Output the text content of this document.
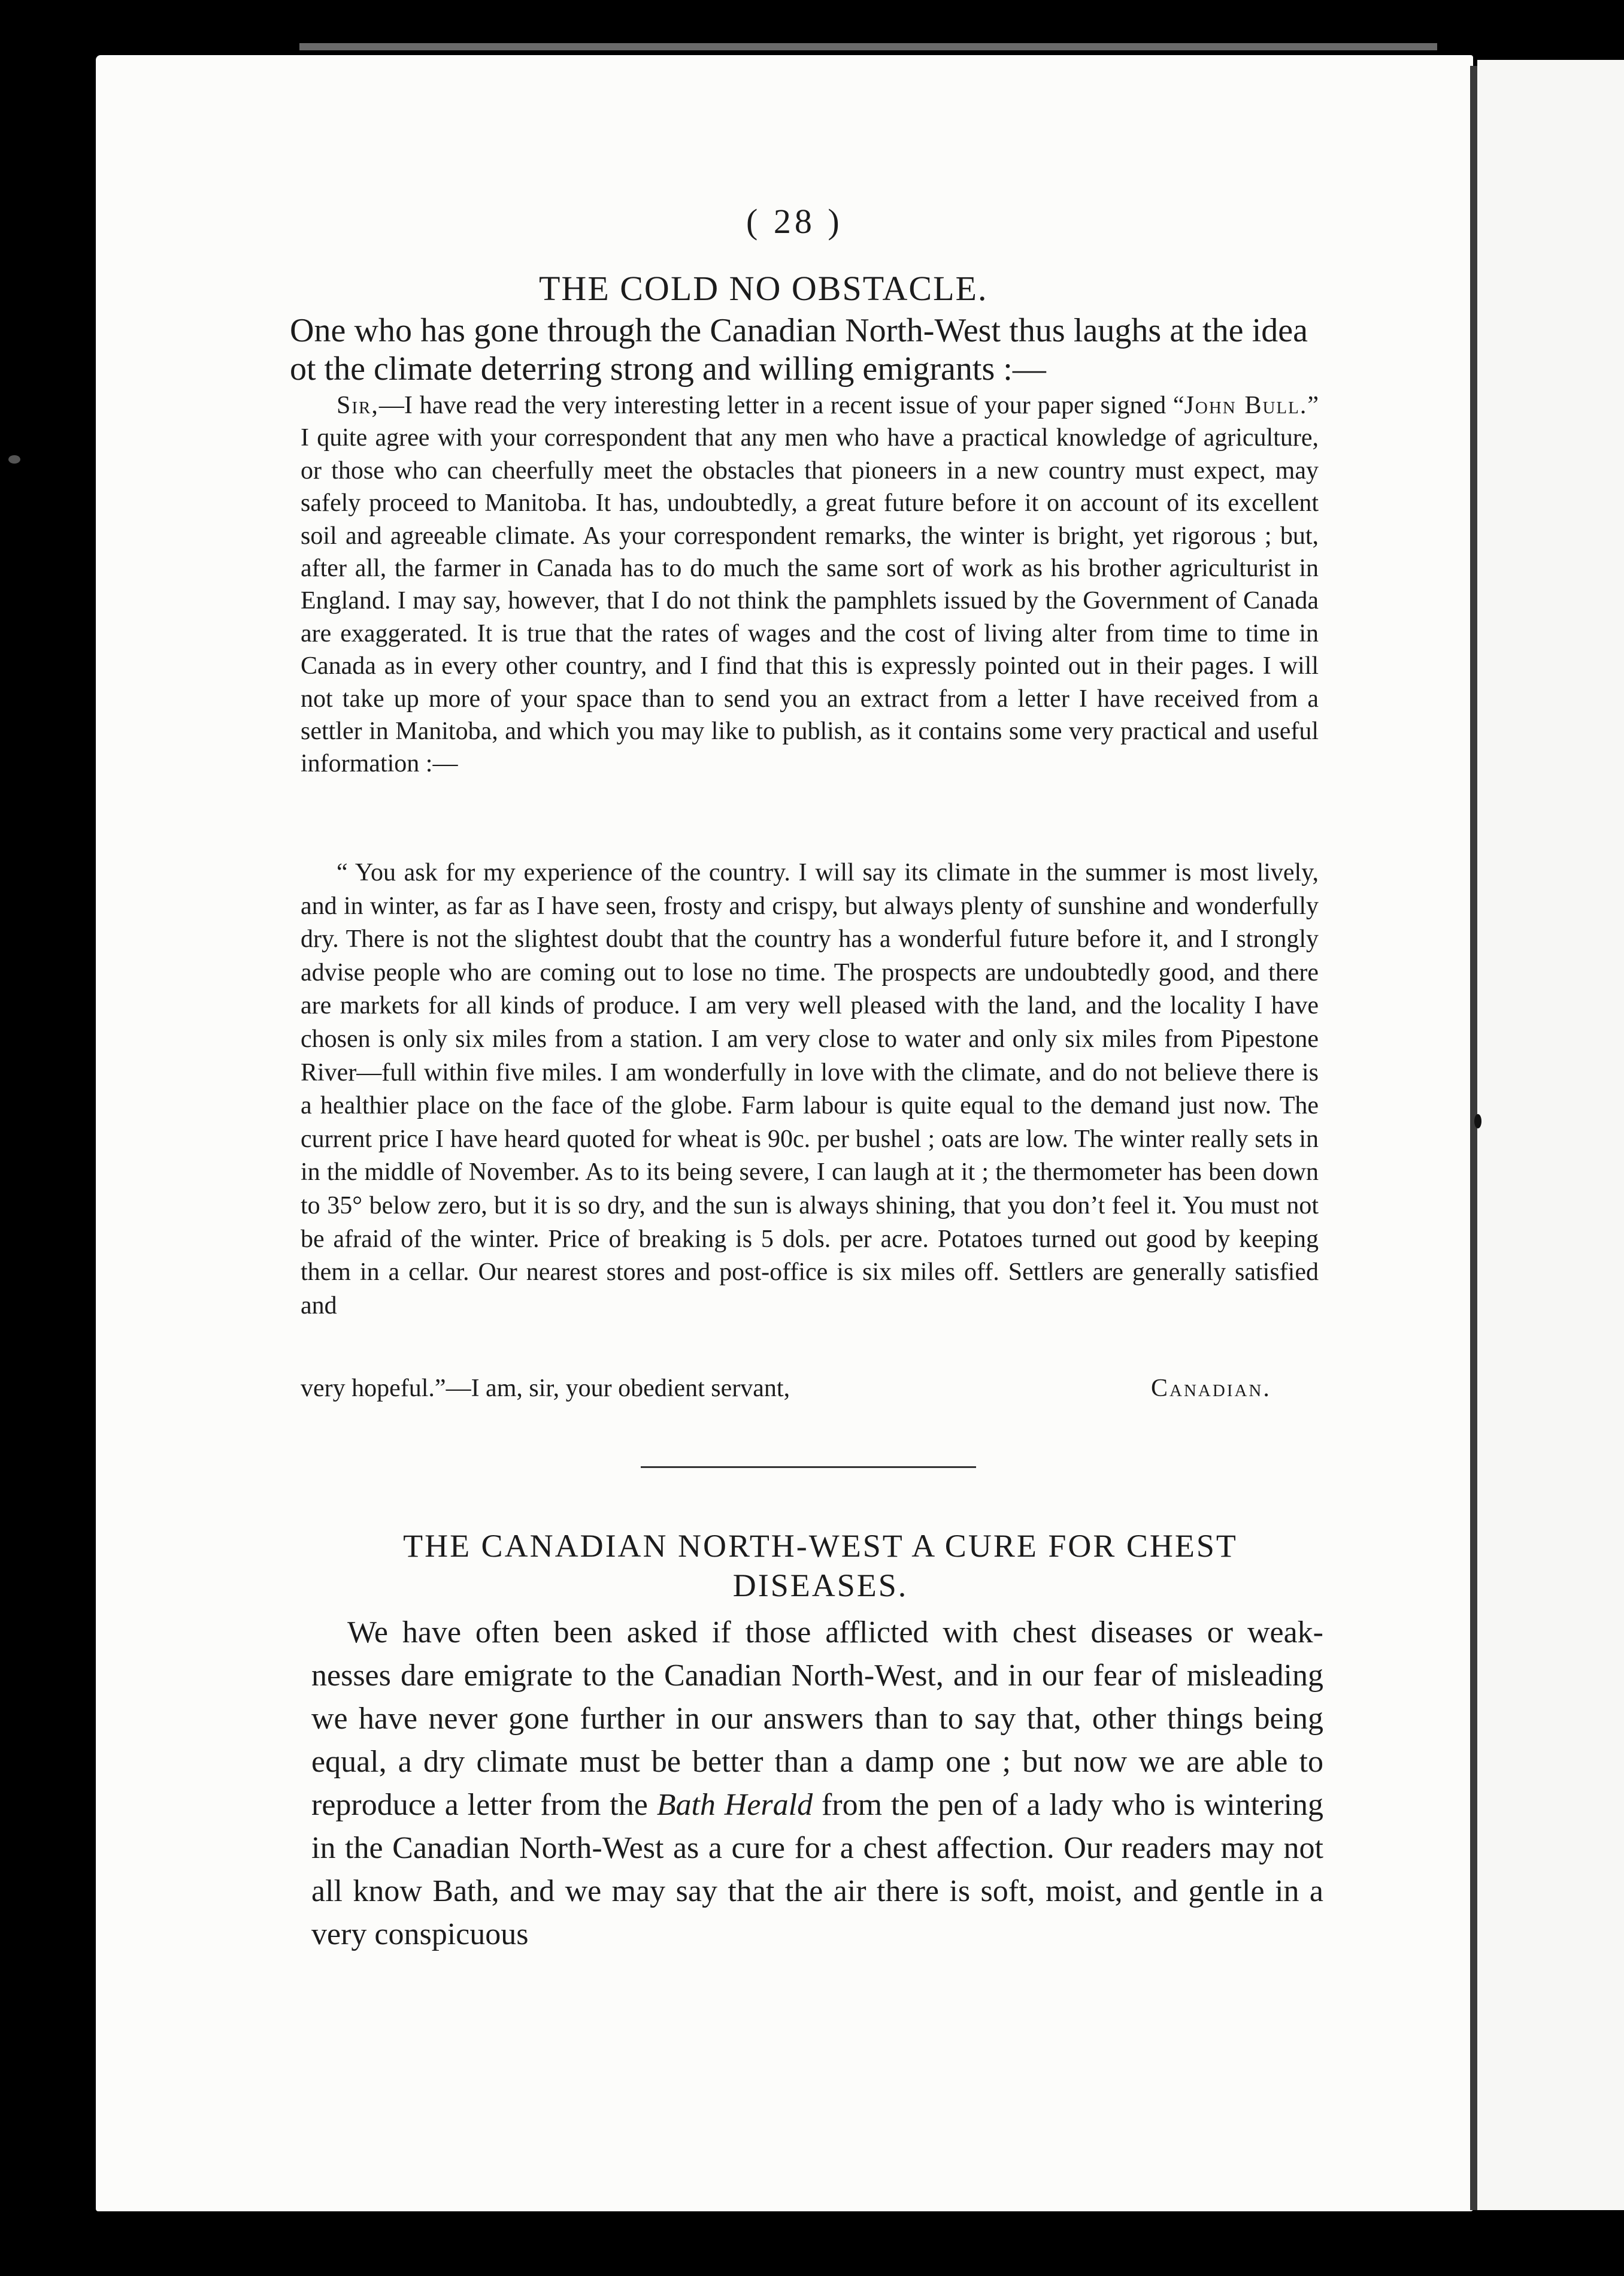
( 28 )
THE COLD NO OBSTACLE.
One who has gone through the Canadian North-West thus laughs at the idea ot the climate deterring strong and willing emigrants :—
Sir,—I have read the very interesting letter in a recent issue of your paper signed “John Bull.” I quite agree with your correspondent that any men who have a practical knowledge of agriculture, or those who can cheerfully meet the obstacles that pioneers in a new country must expect, may safely proceed to Manitoba. It has, undoubtedly, a great future before it on account of its excellent soil and agreeable climate. As your correspondent remarks, the winter is bright, yet rigorous ; but, after all, the farmer in Canada has to do much the same sort of work as his brother agriculturist in England. I may say, however, that I do not think the pamphlets issued by the Government of Canada are exaggerated. It is true that the rates of wages and the cost of living alter from time to time in Canada as in every other country, and I find that this is expressly pointed out in their pages. I will not take up more of your space than to send you an extract from a letter I have received from a settler in Manitoba, and which you may like to publish, as it contains some very practical and useful information :—
“ You ask for my experience of the country. I will say its climate in the summer is most lively, and in winter, as far as I have seen, frosty and crispy, but always plenty of sunshine and wonderfully dry. There is not the slightest doubt that the country has a wonderful future before it, and I strongly advise people who are coming out to lose no time. The prospects are undoubtedly good, and there are markets for all kinds of produce. I am very well pleased with the land, and the locality I have chosen is only six miles from a station. I am very close to water and only six miles from Pipestone River—full within five miles. I am wonderfully in love with the climate, and do not believe there is a healthier place on the face of the globe. Farm labour is quite equal to the demand just now. The current price I have heard quoted for wheat is 90c. per bushel ; oats are low. The winter really sets in in the middle of November. As to its being severe, I can laugh at it ; the thermometer has been down to 35° below zero, but it is so dry, and the sun is always shining, that you don’t feel it. You must not be afraid of the winter. Price of breaking is 5 dols. per acre. Potatoes turned out good by keeping them in a cellar. Our nearest stores and post-office is six miles off. Settlers are generally satisfied and
very hopeful.”—I am, sir, your obedient servant,	Canadian.
THE CANADIAN NORTH-WEST A CURE FOR CHEST DISEASES.
We have often been asked if those afflicted with chest diseases or weak- nesses dare emigrate to the Canadian North-West, and in our fear of misleading we have never gone further in our answers than to say that, other things being equal, a dry climate must be better than a damp one ; but now we are able to reproduce a letter from the Bath Herald from the pen of a lady who is wintering in the Canadian North-West as a cure for a chest affection. Our readers may not all know Bath, and we may say that the air there is soft, moist, and gentle in a very conspicuous
